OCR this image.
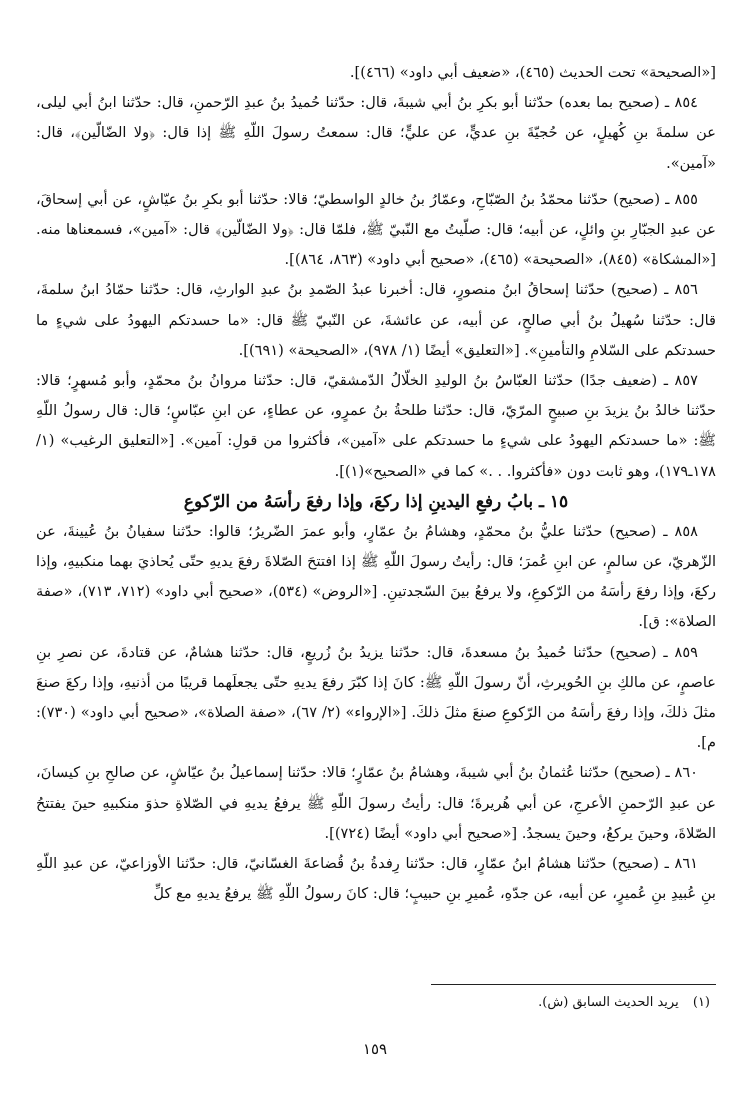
[«الصحيحة» تحت الحديث (٤٦٥)، «ضعيف أبي داود» (٤٦٦)].

٨٥٤ ـ (صحيح بما بعده) حدّثنا أبو بكرِ بنُ أبي شيبةَ، قال: حدّثنا حُميدُ بنُ عبدِ الرّحمنِ، قال: حدّثنا ابنُ أبي ليلى، عن سلمةَ بنِ كُهيلٍ، عن حُجيّةَ بنِ عديٍّ، عن عليٍّ؛ قال: سمعتُ رسولَ اللّهِ ﷺ إذا قال: ﴿ولا الضّالّين﴾، قال: «آمين».

٨٥٥ ـ (صحيح) حدّثنا محمّدُ بنُ الصّبّاحِ، وعمّارُ بنُ خالدٍ الواسطيّ؛ قالا: حدّثنا أبو بكرِ بنُ عيّاشٍ، عن أبي إسحاقَ، عن عبدِ الجبّارِ بنِ وائلٍ، عن أبيه؛ قال: صلّيتُ مع النّبيّ ﷺ، فلمّا قال: ﴿ولا الضّالّين﴾ قال: «آمين»، فسمعناها منه. [«المشكاة» (٨٤٥)، «الصحيحة» (٤٦٥)، «صحيح أبي داود» (٨٦٣، ٨٦٤)].

٨٥٦ ـ (صحيح) حدّثنا إسحاقُ ابنُ منصورٍ، قال: أخبرنا عبدُ الصّمدِ بنُ عبدِ الوارثِ، قال: حدّثنا حمّادُ ابنُ سلمةَ، قال: حدّثنا سُهيلُ بنُ أبي صالحٍ، عن أبيه، عن عائشةَ، عن النّبيّ ﷺ قال: «ما حسدتكم اليهودُ على شيءٍ ما حسدتكم على السّلامِ والتأمينِ». [«التعليق» أيضًا (١/ ٩٧٨)، «الصحيحة» (٦٩١)].

٨٥٧ ـ (ضعيف جدًا) حدّثنا العبّاسُ بنُ الوليدِ الخلّالُ الدّمشقيّ، قال: حدّثنا مروانُ بنُ محمّدٍ، وأبو مُسهرٍ؛ قالا: حدّثنا خالدُ بنُ يزيدَ بنِ صبيحٍ المرّيّ، قال: حدّثنا طلحةُ بنُ عمرٍو، عن عطاءٍ، عن ابنِ عبّاسٍ؛ قال: قال رسولُ اللّهِ ﷺ: «ما حسدتكم اليهودُ على شيءٍ ما حسدتكم على «آمين»، فأكثروا من قولِ: آمين». [«التعليق الرغيب» (١/ ١٧٨ـ١٧٩)، وهو ثابت دون «فأكثروا. . .» كما في «الصحيح»(١)].

١٥ ـ بابُ رفعِ اليدينِ إذا ركعَ، وإذا رفعَ رأسَهُ من الرّكوعِ

٨٥٨ ـ (صحيح) حدّثنا عليُّ بنُ محمّدٍ، وهشامُ بنُ عمّارٍ، وأبو عمرَ الضّريرُ؛ قالوا: حدّثنا سفيانُ بنُ عُيينةَ، عن الزّهريّ، عن سالمٍ، عن ابنِ عُمرَ؛ قال: رأيتُ رسولَ اللّهِ ﷺ إذا افتتحَ الصّلاةَ رفعَ يديهِ حتّى يُحاذيَ بهما منكبيهِ، وإذا ركعَ، وإذا رفعَ رأسَهُ من الرّكوعِ، ولا يرفعُ بينَ السّجدتينِ. [«الروض» (٥٣٤)، «صحيح أبي داود» (٧١٢، ٧١٣)، «صفة الصلاة»: ق].

٨٥٩ ـ (صحيح) حدّثنا حُميدُ بنُ مسعدةَ، قال: حدّثنا يزيدُ بنُ زُريعٍ، قال: حدّثنا هشامٌ، عن قتادةَ، عن نصرِ بنِ عاصمٍ، عن مالكِ بنِ الحُويرثِ، أنّ رسولَ اللّهِ ﷺ: كانَ إذا كبّرَ رفعَ يديهِ حتّى يجعلَهما قريبًا من أذنيهِ، وإذا ركعَ صنعَ مثلَ ذلكَ، وإذا رفعَ رأسَهُ من الرّكوعِ صنعَ مثلَ ذلكَ. [«الإرواء» (٢/ ٦٧)، «صفة الصلاة»، «صحيح أبي داود» (٧٣٠): م].

٨٦٠ ـ (صحيح) حدّثنا عُثمانُ بنُ أبي شيبةَ، وهشامُ بنُ عمّارٍ؛ قالا: حدّثنا إسماعيلُ بنُ عيّاشٍ، عن صالحِ بنِ كيسانَ، عن عبدِ الرّحمنِ الأعرجِ، عن أبي هُريرةَ؛ قال: رأيتُ رسولَ اللّهِ ﷺ يرفعُ يديهِ في الصّلاةِ حذوَ منكبيهِ حينَ يفتتحُ الصّلاةَ، وحينَ يركعُ، وحينَ يسجدُ. [«صحيح أبي داود» أيضًا (٧٢٤)].

٨٦١ ـ (صحيح) حدّثنا هشامُ ابنُ عمّارٍ، قال: حدّثنا رِفدةُ بنُ قُضاعةَ الغسّانيّ، قال: حدّثنا الأوزاعيّ، عن عبدِ اللّهِ بنِ عُبيدِ بنِ عُميرٍ، عن أبيه، عن جدّهِ، عُميرِ بنِ حبيبٍ؛ قال: كانَ رسولُ اللّهِ ﷺ يرفعُ يديهِ مع كلِّ

(١) يريد الحديث السابق (ش).
١٥٩
